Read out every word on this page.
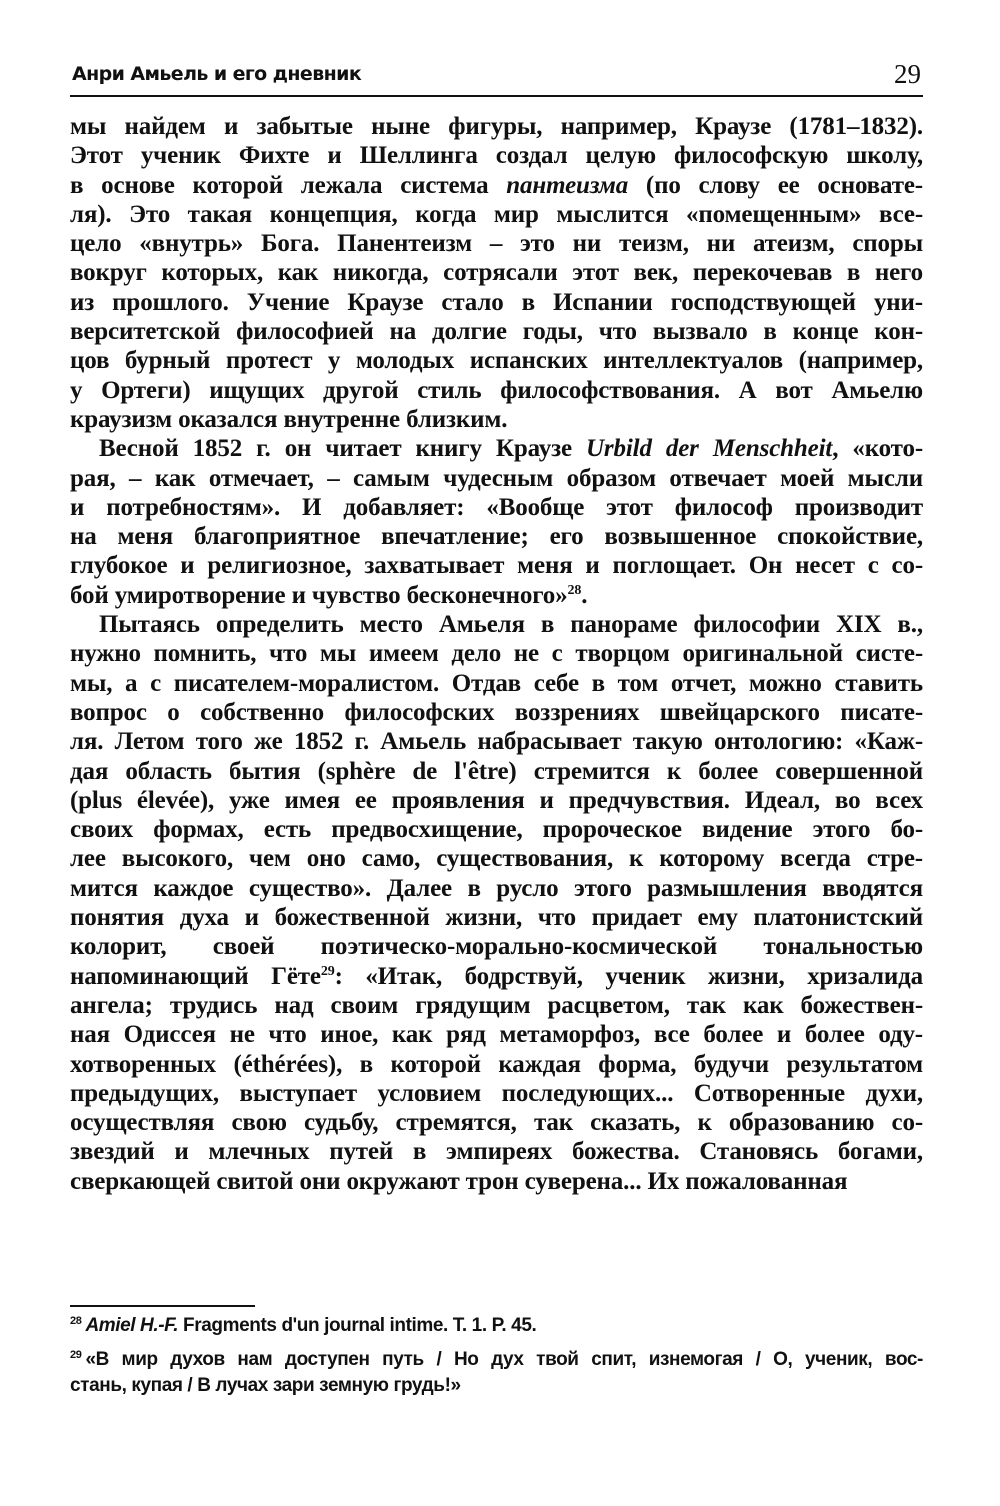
Анри Амьель и его дневник	29
мы найдем и забытые ныне фигуры, например, Краузе (1781–1832).
Этот ученик Фихте и Шеллинга создал целую философскую школу,
в основе которой лежала система пантеизма (по слову ее основате-
ля). Это такая концепция, когда мир мыслится «помещенным» все-
цело «внутрь» Бога. Панентеизм – это ни теизм, ни атеизм, споры
вокруг которых, как никогда, сотрясали этот век, перекочевав в него
из прошлого. Учение Краузе стало в Испании господствующей уни-
верситетской философией на долгие годы, что вызвало в конце кон-
цов бурный протест у молодых испанских интеллектуалов (например,
у Ортеги) ищущих другой стиль философствования. А вот Амьелю
краузизм оказался внутренне близким.
Весной 1852 г. он читает книгу Краузе Urbild der Menschheit, «кото-
рая, – как отмечает, – самым чудесным образом отвечает моей мысли
и потребностям». И добавляет: «Вообще этот философ производит
на меня благоприятное впечатление; его возвышенное спокойствие,
глубокое и религиозное, захватывает меня и поглощает. Он несет с со-
бой умиротворение и чувство бесконечного»$^{28}$.
Пытаясь определить место Амьеля в панораме философии XIX в.,
нужно помнить, что мы имеем дело не с творцом оригинальной систе-
мы, а с писателем-моралистом. Отдав себе в том отчет, можно ставить
вопрос о собственно философских воззрениях швейцарского писате-
ля. Летом того же 1852 г. Амьель набрасывает такую онтологию: «Каж-
дая область бытия (sphère de l'être) стремится к более совершенной
(plus élevée), уже имея ее проявления и предчувствия. Идеал, во всех
своих формах, есть предвосхищение, пророческое видение этого бо-
лее высокого, чем оно само, существования, к которому всегда стре-
мится каждое существо». Далее в русло этого размышления вводятся
понятия духа и божественной жизни, что придает ему платонистский
колорит, своей поэтическо-морально-космической тональностью
напоминающий Гёте$^{29}$: «Итак, бодрствуй, ученик жизни, хризалида
ангела; трудись над своим грядущим расцветом, так как божествен-
ная Одиссея не что иное, как ряд метаморфоз, все более и более оду-
хотворенных (éthérées), в которой каждая форма, будучи результатом
предыдущих, выступает условием последующих... Сотворенные духи,
осуществляя свою судьбу, стремятся, так сказать, к образованию со-
звездий и млечных путей в эмпиреях божества. Становясь богами,
сверкающей свитой они окружают трон суверена... Их пожалованная
$^{28}$ Amiel H.-F. Fragments d'un journal intime. T. 1. P. 45.
$^{29}$ «В мир духов нам доступен путь / Но дух твой спит, изнемогая / О, ученик, вос-
стань, купая / В лучах зари земную грудь!»
